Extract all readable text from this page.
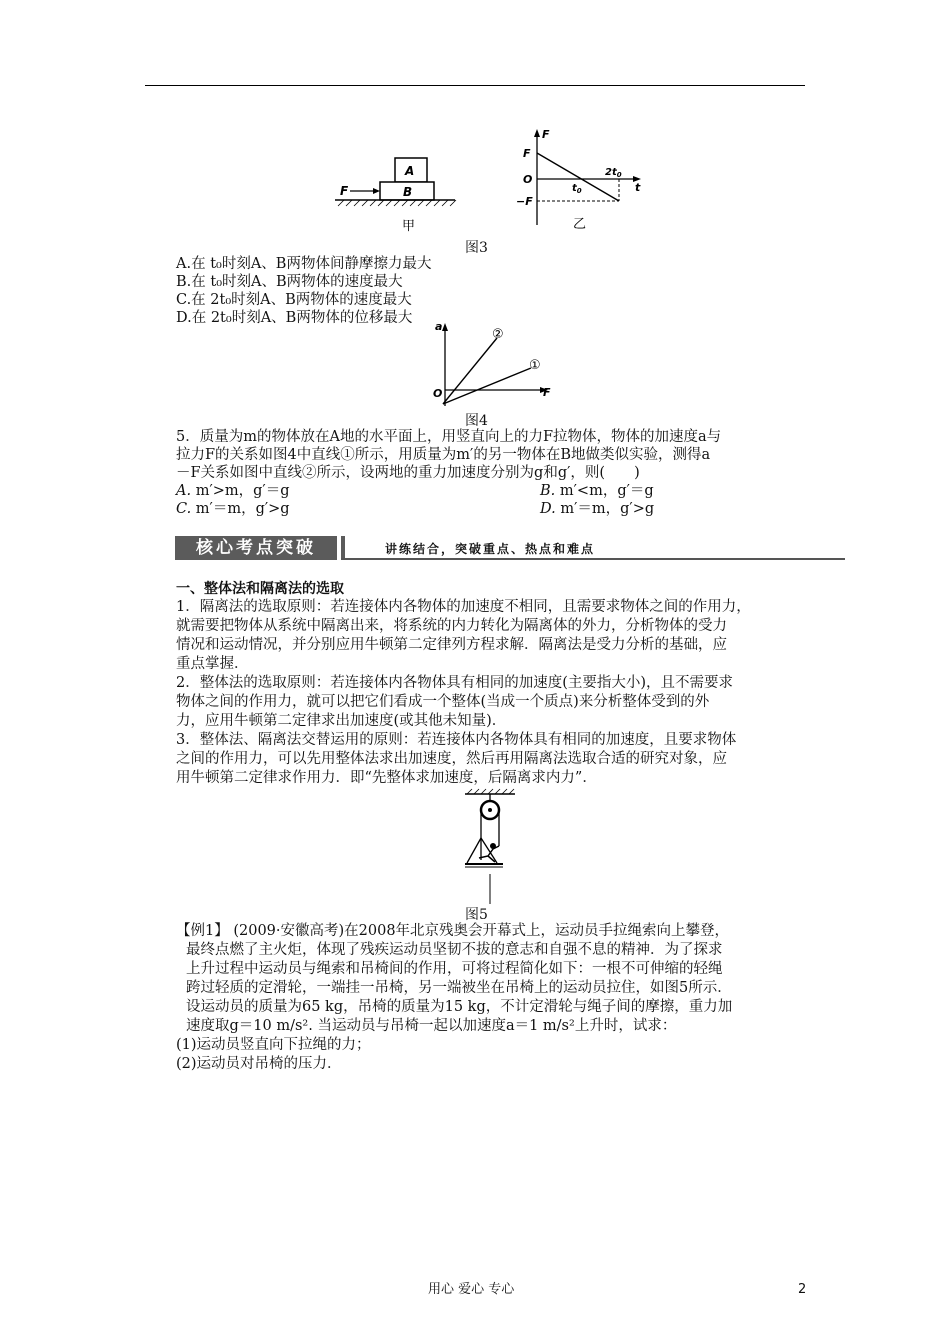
A
B
F
甲
F
F
O
−F
$t_0$
$2t_0$
t
乙
图3
A.在 t₀时刻A、B两物体间静摩擦力最大
B.在 t₀时刻A、B两物体的速度最大
C.在 2t₀时刻A、B两物体的速度最大
D.在 2t₀时刻A、B两物体的位移最大
a
O	F
②
①
图4
5．质量为m的物体放在A地的水平面上，用竖直向上的力F拉物体，物体的加速度a与
拉力F的关系如图4中直线①所示，用质量为m′的另一物体在B地做类似实验，测得a
－F关系如图中直线②所示，设两地的重力加速度分别为g和g′，则(　　)
A. m′>m，g′＝g	B. m′<m，g′＝g
C. m′＝m，g′>g	D. m′＝m，g′>g
核心考点突破	讲练结合，突破重点、热点和难点
一、整体法和隔离法的选取
1．隔离法的选取原则：若连接体内各物体的加速度不相同，且需要求物体之间的作用力，
就需要把物体从系统中隔离出来，将系统的内力转化为隔离体的外力，分析物体的受力
情况和运动情况，并分别应用牛顿第二定律列方程求解．隔离法是受力分析的基础，应
重点掌握．
2．整体法的选取原则：若连接体内各物体具有相同的加速度(主要指大小)，且不需要求
物体之间的作用力，就可以把它们看成一个整体(当成一个质点)来分析整体受到的外
力，应用牛顿第二定律求出加速度(或其他未知量)．
3．整体法、隔离法交替运用的原则：若连接体内各物体具有相同的加速度，且要求物体
之间的作用力，可以先用整体法求出加速度，然后再用隔离法选取合适的研究对象，应
用牛顿第二定律求作用力．即“先整体求加速度，后隔离求内力”．
图5
【例1】 (2009·安徽高考)在2008年北京残奥会开幕式上，运动员手拉绳索向上攀登，
最终点燃了主火炬，体现了残疾运动员坚韧不拔的意志和自强不息的精神．为了探求
上升过程中运动员与绳索和吊椅间的作用，可将过程简化如下：一根不可伸缩的轻绳
跨过轻质的定滑轮，一端挂一吊椅，另一端被坐在吊椅上的运动员拉住，如图5所示．
设运动员的质量为65 kg，吊椅的质量为15 kg，不计定滑轮与绳子间的摩擦，重力加
速度取g＝10 m/s². 当运动员与吊椅一起以加速度a＝1 m/s²上升时，试求：
(1)运动员竖直向下拉绳的力；
(2)运动员对吊椅的压力．
用心 爱心 专心	2
